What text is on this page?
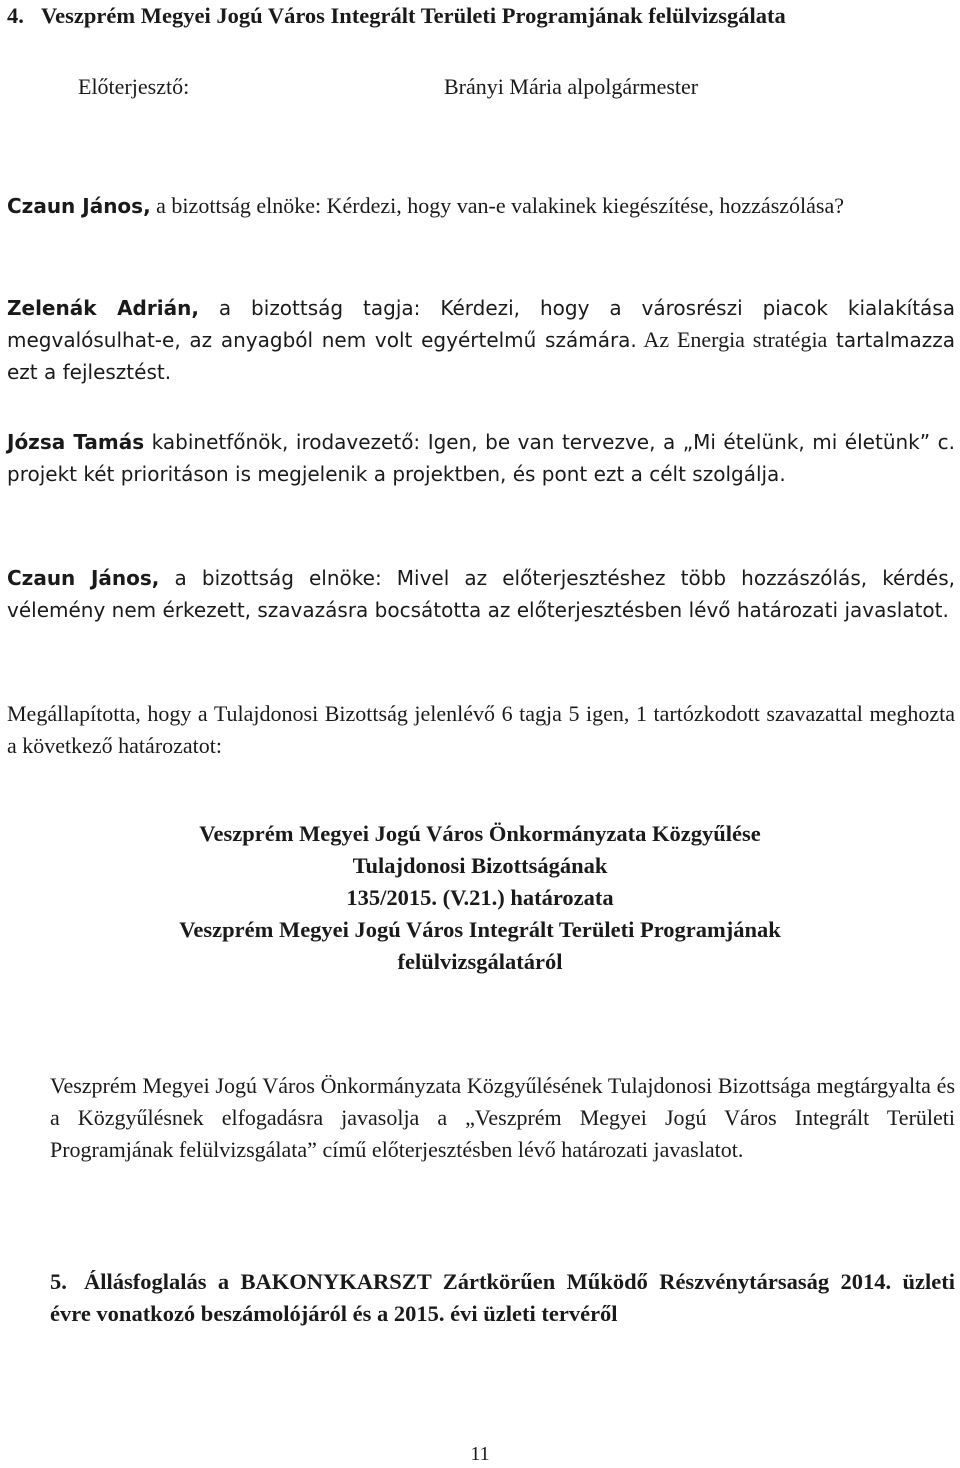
4. Veszprém Megyei Jogú Város Integrált Területi Programjának felülvizsgálata
Előterjesztő:	Brányi Mária alpolgármester
Czaun János, a bizottság elnöke: Kérdezi, hogy van-e valakinek kiegészítése, hozzászólása?
Zelenák Adrián, a bizottság tagja: Kérdezi, hogy a városrészi piacok kialakítása megvalósulhat-e, az anyagból nem volt egyértelmű számára. Az Energia stratégia tartalmazza ezt a fejlesztést.
Józsa Tamás kabinetfőnök, irodavezető: Igen, be van tervezve, a „Mi ételünk, mi életünk” c. projekt két prioritáson is megjelenik a projektben, és pont ezt a célt szolgálja.
Czaun János, a bizottság elnöke: Mivel az előterjesztéshez több hozzászólás, kérdés, vélemény nem érkezett, szavazásra bocsátotta az előterjesztésben lévő határozati javaslatot.
Megállapította, hogy a Tulajdonosi Bizottság jelenlévő 6 tagja 5 igen, 1 tartózkodott szavazattal meghozta a következő határozatot:
Veszprém Megyei Jogú Város Önkormányzata Közgyűlése
Tulajdonosi Bizottságának
135/2015. (V.21.) határozata
Veszprém Megyei Jogú Város Integrált Területi Programjának
felülvizsgálatáról
Veszprém Megyei Jogú Város Önkormányzata Közgyűlésének Tulajdonosi Bizottsága megtárgyalta és a Közgyűlésnek elfogadásra javasolja a „Veszprém Megyei Jogú Város Integrált Területi Programjának felülvizsgálata” című előterjesztésben lévő határozati javaslatot.
5. Állásfoglalás a BAKONYKARSZT Zártkörűen Működő Részvénytársaság 2014. üzleti évre vonatkozó beszámolójáról és a 2015. évi üzleti tervéről
11
